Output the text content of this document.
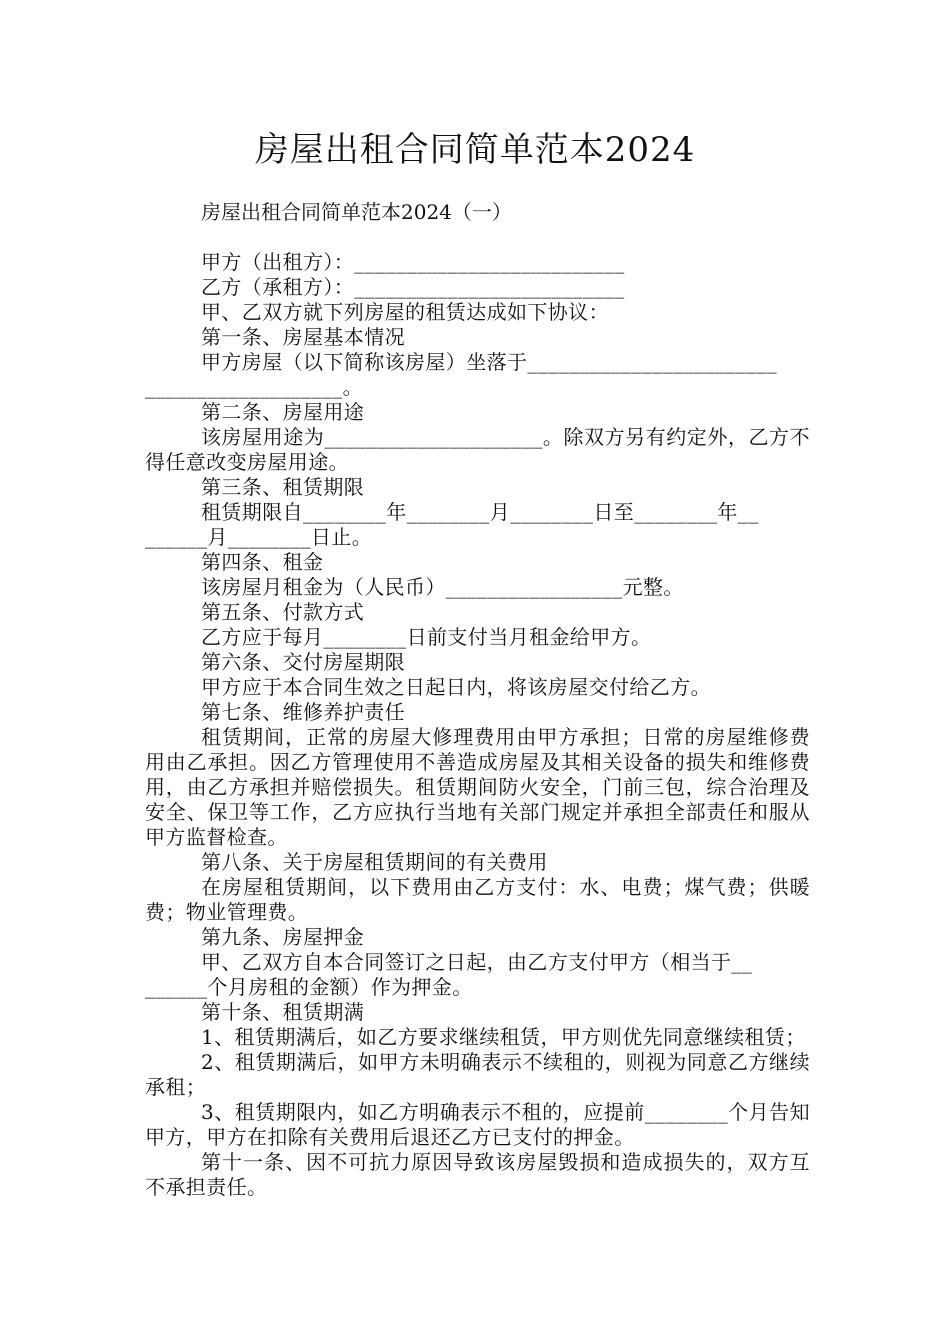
房屋出租合同简单范本2024
房屋出租合同简单范本2024（一）

甲方（出租方）：__________________________

乙方（承租方）：__________________________

甲、乙双方就下列房屋的租赁达成如下协议：

第一条、房屋基本情况

甲方房屋（以下简称该房屋）坐落于________________________

___________________。

第二条、房屋用途

该房屋用途为_____________________。除双方另有约定外，乙方不得任意改变房屋用途。

第三条、租赁期限

租赁期限自________年________月________日至________年__

______月________日止。

第四条、租金

该房屋月租金为（人民币）_________________元整。

第五条、付款方式

乙方应于每月________日前支付当月租金给甲方。

第六条、交付房屋期限

甲方应于本合同生效之日起日内，将该房屋交付给乙方。

第七条、维修养护责任

租赁期间，正常的房屋大修理费用由甲方承担；日常的房屋维修费用由乙承担。因乙方管理使用不善造成房屋及其相关设备的损失和维修费用，由乙方承担并赔偿损失。租赁期间防火安全，门前三包，综合治理及安全、保卫等工作，乙方应执行当地有关部门规定并承担全部责任和服从甲方监督检查。

第八条、关于房屋租赁期间的有关费用

在房屋租赁期间，以下费用由乙方支付：水、电费；煤气费；供暖费；物业管理费。

第九条、房屋押金

甲、乙双方自本合同签订之日起，由乙方支付甲方（相当于__

______个月房租的金额）作为押金。

第十条、租赁期满

1、租赁期满后，如乙方要求继续租赁，甲方则优先同意继续租赁；

2、租赁期满后，如甲方未明确表示不续租的，则视为同意乙方继续承租；

3、租赁期限内，如乙方明确表示不租的，应提前________个月告知甲方，甲方在扣除有关费用后退还乙方已支付的押金。

第十一条、因不可抗力原因导致该房屋毁损和造成损失的，双方互不承担责任。
